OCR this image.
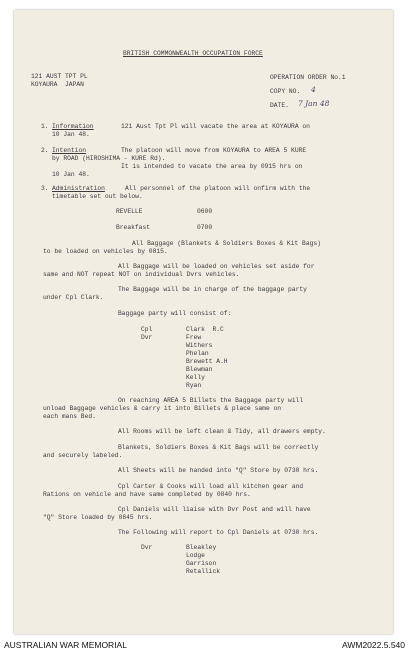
BRITISH COMMONWEALTH OCCUPATION FORCE
121 AUST TPT PL
KOYAURA  JAPAN
OPERATION ORDER No.1
COPY NO. 4
DATE. 7 Jan 48
1. Information	121 Aust Tpt Pl will vacate the area at KOYAURA on
10 Jan 48.
2. Intention	The platoon will move from KOYAURA to AREA 5 KURE
by ROAD (HIROSHIMA - KURE Rd).
It is intended to vacate the area by 0915 hrs on
10 Jan 48.
3. Administration	All personnel of the platoon will onfirm with the
timetable set out below.
REVELLE	0600
Breakfast	0700
All Baggage (Blankets & Soldiers Boxes & Kit Bags)
to be loaded on vehicles by 0815.
All Baggage will be loaded on vehicles set aside for
same and NOT repeat NOT on individual Dvrs vehicles.
The Baggage will be in charge of the baggage party
under Cpl Clark.
Baggage party will consist of:
Cpl	Clark  R.C
Dvr	Frew
Withers
Phelan
Brewett A.H
Blewman
Kelly
Ryan
On reaching AREA 5 Billets the Baggage party will
unload Baggage vehicles & carry it into Billets & place same on
each mans Bed.
All Rooms will be left clean & Tidy, all drawers empty.
Blankets, Soldiers Boxes & Kit Bags will be correctly
and securely labeled.
All Sheets will be handed into "Q" Store by 0730 hrs.
Cpl Carter & Cooks will load all kitchen gear and
Rations on vehicle and have same completed by 0840 hrs.
Cpl Daniels will liaise with Dvr Post and will have
"Q" Store loaded by 0845 hrs.
The Following will report to Cpl Daniels at 0730 hrs.
Dvr	Bleakley
Lodge
Garrison
Retallick
AUSTRALIAN WAR MEMORIAL	AWM2022.5.540
